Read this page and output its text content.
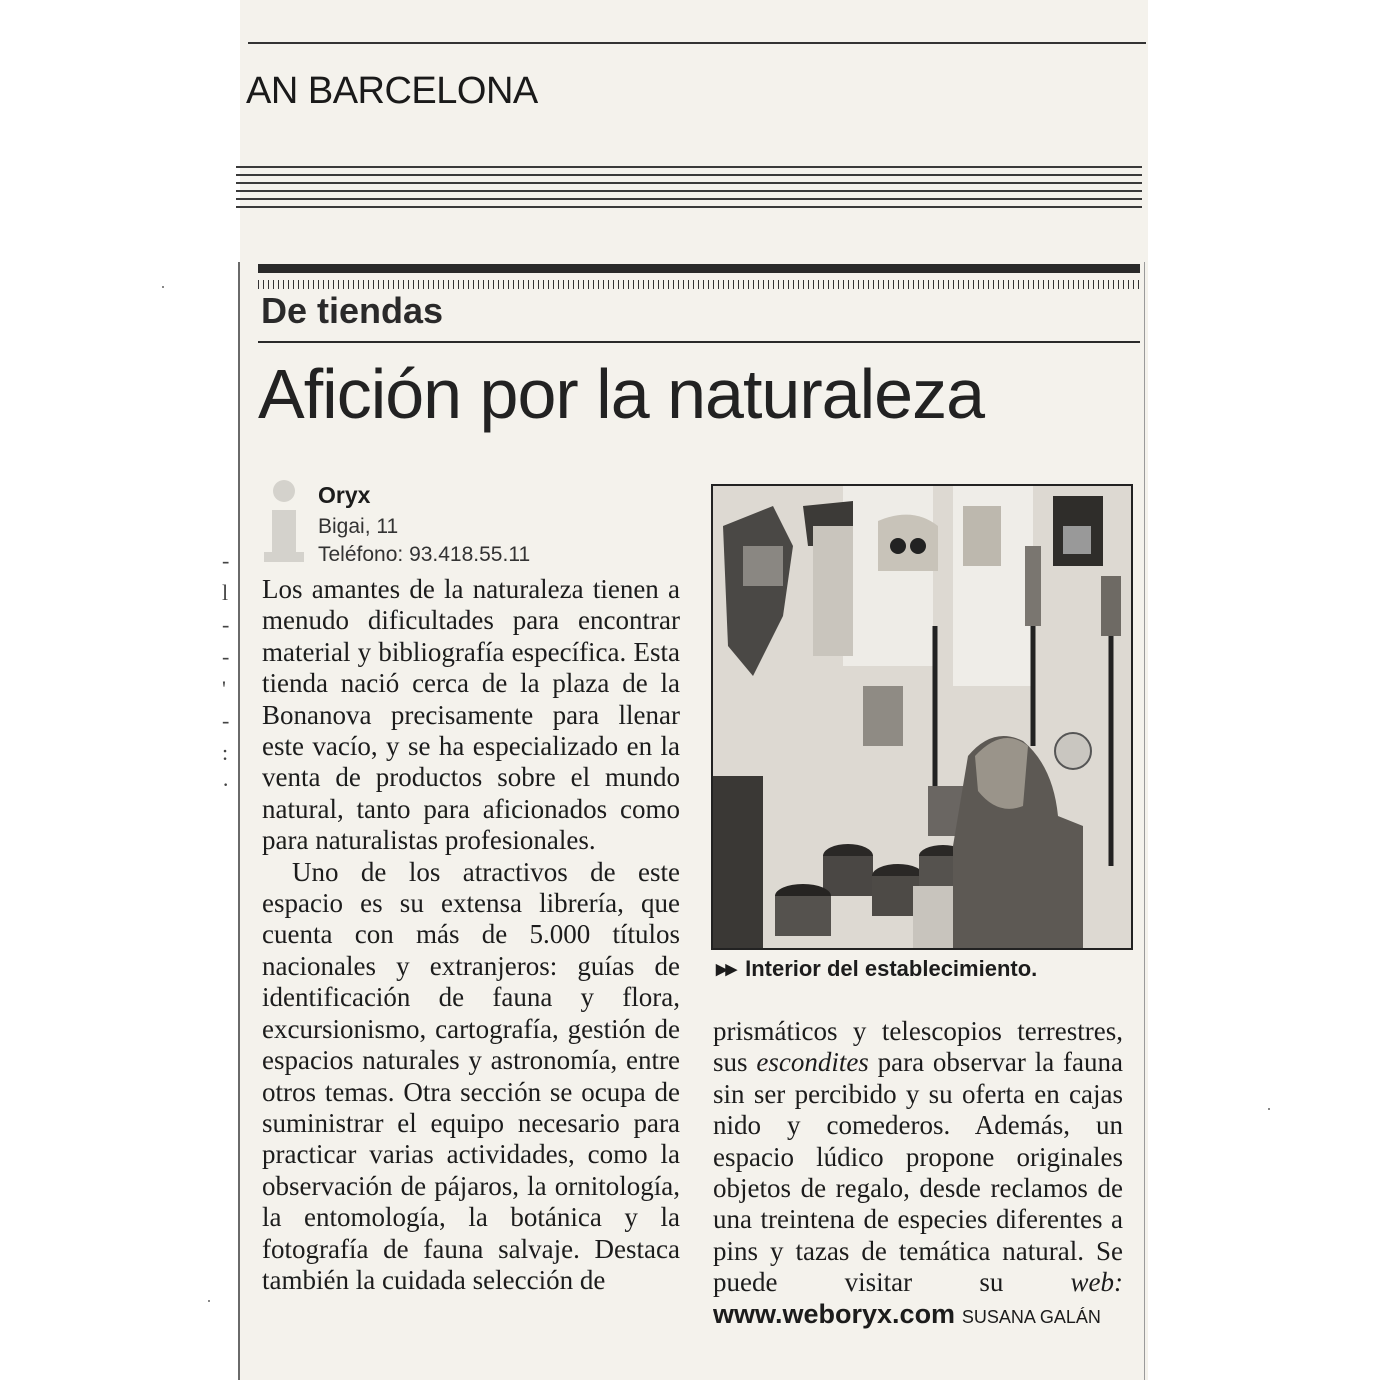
AN BARCELONA
De tiendas
Afición por la naturaleza
Oryx
Bigai, 11
Teléfono: 93.418.55.11

Los amantes de la naturaleza tienen a menudo dificultades para encontrar material y bibliografía específica. Esta tienda nació cerca de la plaza de la Bonanova precisamente para llenar este vacío, y se ha especializado en la venta de productos sobre el mundo natural, tanto para aficionados como para naturalistas profesionales.

Uno de los atractivos de este espacio es su extensa librería, que cuenta con más de 5.000 títulos nacionales y extranjeros: guías de identificación de fauna y flora, excursionismo, cartografía, gestión de espacios naturales y astronomía, entre otros temas. Otra sección se ocupa de suministrar el equipo necesario para practicar varias actividades, como la observación de pájaros, la ornitología, la entomología, la botánica y la fotografía de fauna salvaje. Destaca también la cuidada selección de

▶▶ Interior del establecimiento.

prismáticos y telescopios terrestres, sus escondites para observar la fauna sin ser percibido y su oferta en cajas nido y comederos. Además, un espacio lúdico propone originales objetos de regalo, desde reclamos de una treintena de especies diferentes a pins y tazas de temática natural. Se puede visitar su web: www.weboryx.com SUSANA GALÁN

-
l
-
-
'
-
:
·
